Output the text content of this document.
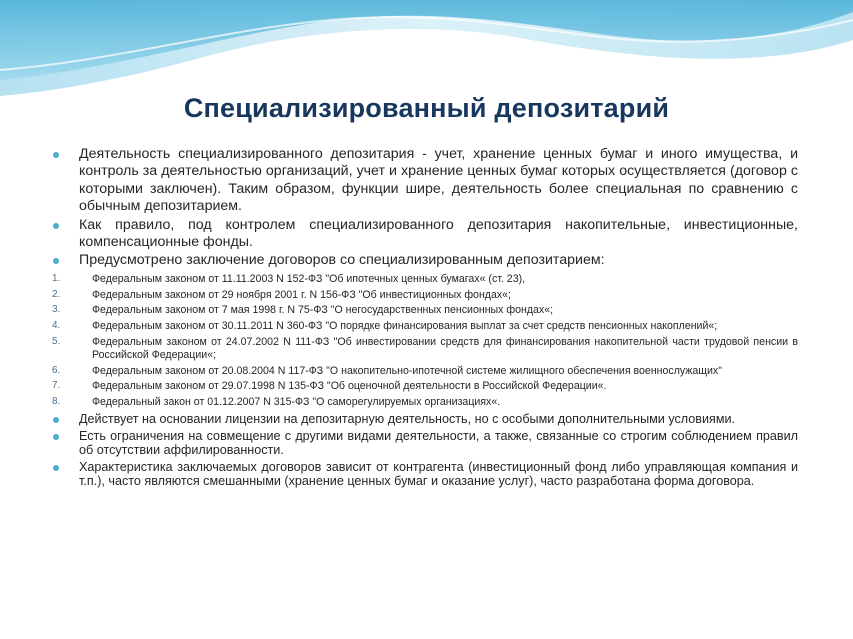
Специализированный депозитарий
Деятельность специализированного депозитария - учет, хранение ценных бумаг и иного имущества, и контроль за деятельностью организаций, учет и хранение ценных бумаг которых осуществляется (договор с которыми заключен). Таким образом, функции шире, деятельность более специальная по сравнению с обычным депозитарием.
Как правило, под контролем специализированного депозитария накопительные, инвестиционные, компенсационные фонды.
Предусмотрено заключение договоров со специализированным депозитарием:
1.	Федеральным законом от 11.11.2003 N 152-ФЗ "Об ипотечных ценных бумагах« (ст. 23),
2.	Федеральным законом от 29 ноября 2001 г. N 156-ФЗ "Об инвестиционных фондах«;
3.	Федеральным законом от 7 мая 1998 г. N 75-ФЗ "О негосударственных пенсионных фондах«;
4.	Федеральным законом от 30.11.2011 N 360-ФЗ "О порядке финансирования выплат за счет средств пенсионных накоплений«;
5.	Федеральным законом от 24.07.2002 N 111-ФЗ "Об инвестировании средств для финансирования накопительной части трудовой пенсии в Российской Федерации«;
6.	Федеральным законом от 20.08.2004 N 117-ФЗ "О накопительно-ипотечной системе жилищного обеспечения военнослужащих"
7.	Федеральным законом от 29.07.1998 N 135-ФЗ "Об оценочной деятельности в Российской Федерации«.
8.	Федеральный закон от 01.12.2007 N 315-ФЗ "О саморегулируемых организациях«.
Действует на основании лицензии на депозитарную деятельность, но с особыми дополнительными условиями.
Есть ограничения на совмещение с другими видами деятельности, а также, связанные со строгим соблюдением правил об отсутствии аффилированности.
Характеристика заключаемых договоров зависит от контрагента (инвестиционный фонд либо управляющая компания и т.п.), часто являются смешанными (хранение ценных бумаг и оказание услуг), часто разработана форма договора.
